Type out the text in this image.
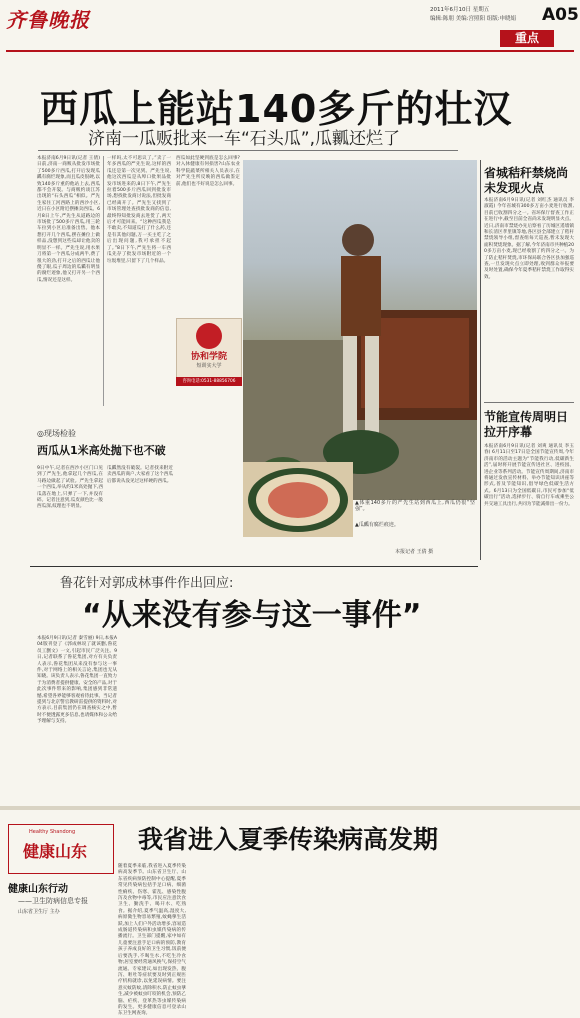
齐鲁晚报	2011年6月10日 星期五
编辑:陈朋 美编:宫照阳 组版:申晓娟 A05
重点
西瓜上能站140多斤的壮汉
济南一瓜贩批来一车“石头瓜”,瓜瓤还烂了
本报济南6月9日讯(记者 王倩) 日前,济南一商贩从批发市场批了500多斤西瓜,打开后发现瓜瓤有腐烂现象,而且瓜皮很硬,以致140多斤重的他站上去,西瓜都不会开裂。与商贩约谈江苏出现的“石头西瓜”相似。严先生家住工河西路上的西沙小区,近日在小区附近摆摊卖西瓜。6月8日上午,严先生从道路边的市场批了500多斤西瓜,用三轮车拉到小区后准备出售。他本想打开几个西瓜,摆在摊位上做样品,没想到这些瓜却让他卖的明显不一样。严先生说,用水果刀将第一个西瓜分成两半,费了很大的劲,打开之后的西瓜让他傻了眼,瓜子周边的瓜瓤有明显的腐烂迹象,他又打开另一个西瓜,情况还是这样。
一样吗,太不可思议了。”卖了一年多西瓜的严先生说,这样的西瓜还是第一次见到。严先生说,他这次西瓜是从埠口批果品批发市场进来的,8日下午,严先生拉着500多斤西瓜回到批发市场,想找批发商讨说法,但批发商已经离开了。严先生又找到了市场管理处查找批发商的信息,最终得知批发商去进货了,两天后才可能回来。“这种西瓜我是不敢卖,不知道瓜打了什么药,还是有其他问题,万一买主吃了之后出现问题,我可承担不起了。”8日下午,严先生将一车西瓜先存了批发市场附近的一个垃圾堆里,只留下了几个样品。
西瓜如此坚硬到底是怎么回事?对入休健康有何损害?山东农业科学院蔬菜所相关人员表示,在对严先生所反映的西瓜做鉴定前,他们也不好说是怎么回事。
协和学院
短训实大学
咨询电话:0531-88856706
◎现场检验
西瓜从1米高处抛下也不破
9日中午,记者在西沙小区门口见到了严先生,他拿起几个西瓜,在马路边做起了试验。严先生拿起一个西瓜,举从约1米高处抛下,西瓜落在地上,只弹了一下,并没有碎。记者注意到,瓜皮颜色比一般西瓜深,纹理也不明显。
瓜瓤然没有破裂。记者找来附近卖西瓜的商户,大家看了这个西瓜后都说从没见过这样硬的西瓜。
▲体重140多斤的严先生站到西瓜上,西瓜仍很“坚强”。
▲瓜瓤有腐烂痕迹。
本报记者 王倩 摄
省城秸秆禁烧尚未发现火点
本报济南6月9日讯(记者 刘红杰 通讯员 李淑霞) 今年省城有300多万亩小麦进行收割,目前已收割四分之一。省环保厅督查工作正在进行中,截至目前全省尚未发现明显火点。近日,济南市禁烧办先后察看了历城区遥墙镇和长清区孝里镇等地,各区县全部建立了秸秆禁烧领导小组,督查组每天巡查,暂未发现大面积焚烧现象。据了解,今年济南市共种植200多万亩小麦,现已经收割了约四分之一。为了防止秸秆焚烧,市环保局联合各区县加强巡查,一旦发现火点立即处理,收到群众举报要及时处置,确保今年夏季秸秆禁烧工作取得实效。
节能宣传周明日拉开序幕
本报济南6月9日讯(记者 刘爽 通讯员 李玉春) 6月11日至17日是全国节能宣传周,今年济南市的活动主题为“节能我行动,低碳新生活”,届时将开展节能宣传进社区、进校园、进企业等系列活动。节能宣传周期间,济南市将通过发放宣传材料、举办节能知识讲座等形式,普及节能知识,倡导绿色低碳生活方式。6月13日为全国低碳日,市民可参加“低碳出行”活动,选择步行、骑自行车或乘坐公共交通工具出行,共同为节能减排出一份力。
鲁花针对郭成林事件作出回应:
“从来没有参与这一事件”
本报6月9日讯(记者 秦雪丽) 9日,本报A04版刊登了《郭成林说了就该删,鲁花员工删文》一文,引起市民广泛关注。9日,记者联系了鲁花集团,对方有关负责人表示,鲁花集团从来没有参与这一事件,对于网络上的相关言论,集团也无从知晓。该负责人表示,鲁花集团一直致力于为消费者提供健康、安全的产品,对于此次事件带来的影响,集团感到非常遗憾,希望各界能够客观看待此事。当记者提到与北京警官教研雷提供的资料时,对方表示,目前集团仍在调查核实之中,暂时不便透露更多信息,也请媒体和公众给予理解与支持。
Healthy Shandong
健康山东
健康山东行动
——卫生防病信息专报
山东省卫生厅 主办
我省进入夏季传染病高发期
随着夏季来临,我省进入夏季传染病高发季节。山东省卫生厅、山东省疾病预防控制中心提醒,夏季常见传染病包括手足口病、细菌性痢疾、伤寒、霍乱、感染性腹泻及食物中毒等,市民应注意饮食卫生、勤洗手、喝开水、吃熟食。据介绍,夏季气温高,湿度大,病原微生物容易繁殖,蚊蝇孳生活跃,加上人们户外活动增多,容易造成肠道传染病和虫媒传染病的传播流行。卫生部门提醒,家中如有儿童要注意手足口病的预防,教育孩子养成良好的卫生习惯,饭前便后要洗手,不喝生水,不吃生冷食物;居室要经常通风换气,保持空气流通。专家建议,如出现发热、腹泻、呕吐等症状要及时到正规医疗机构就诊,以免延误病情。要注意灭蚊防蚊,清除积水,防止蚊虫孳生,减少被蚊虫叮咬的机会,预防乙脑、疟疾、登革热等虫媒传染病的发生。更多健康信息可登录山东卫生网查询。
